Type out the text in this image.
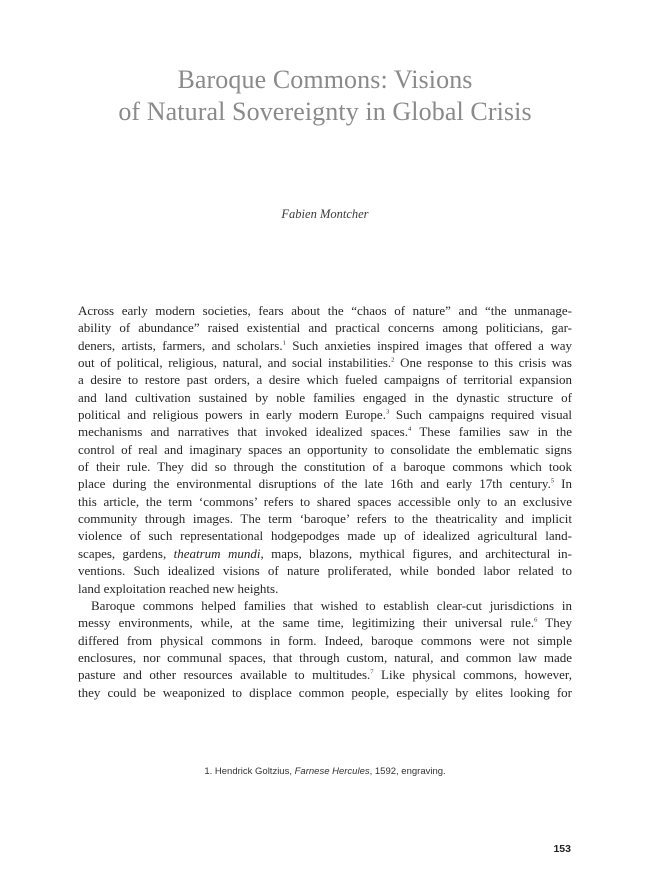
Baroque Commons: Visions
of Natural Sovereignty in Global Crisis
Fabien Montcher
Across early modern societies, fears about the “chaos of nature” and “the unmanage-
ability of abundance” raised existential and practical concerns among politicians, gar-
deners, artists, farmers, and scholars.$^1$ Such anxieties inspired images that offered a way
out of political, religious, natural, and social instabilities.$^2$ One response to this crisis was
a desire to restore past orders, a desire which fueled campaigns of territorial expansion
and land cultivation sustained by noble families engaged in the dynastic structure of
political and religious powers in early modern Europe.$^3$ Such campaigns required visual
mechanisms and narratives that invoked idealized spaces.$^4$ These families saw in the
control of real and imaginary spaces an opportunity to consolidate the emblematic signs
of their rule. They did so through the constitution of a baroque commons which took
place during the environmental disruptions of the late 16th and early 17th century.$^5$ In
this article, the term ‘commons’ refers to shared spaces accessible only to an exclusive
community through images. The term ‘baroque’ refers to the theatricality and implicit
violence of such representational hodgepodges made up of idealized agricultural land-
scapes, gardens, theatrum mundi, maps, blazons, mythical figures, and architectural in-
ventions. Such idealized visions of nature proliferated, while bonded labor related to
land exploitation reached new heights.
Baroque commons helped families that wished to establish clear-cut jurisdictions in
messy environments, while, at the same time, legitimizing their universal rule.$^6$ They
differed from physical commons in form. Indeed, baroque commons were not simple
enclosures, nor communal spaces, that through custom, natural, and common law made
pasture and other resources available to multitudes.$^7$ Like physical commons, however,
they could be weaponized to displace common people, especially by elites looking for
1. Hendrick Goltzius, Farnese Hercules, 1592, engraving.
153
